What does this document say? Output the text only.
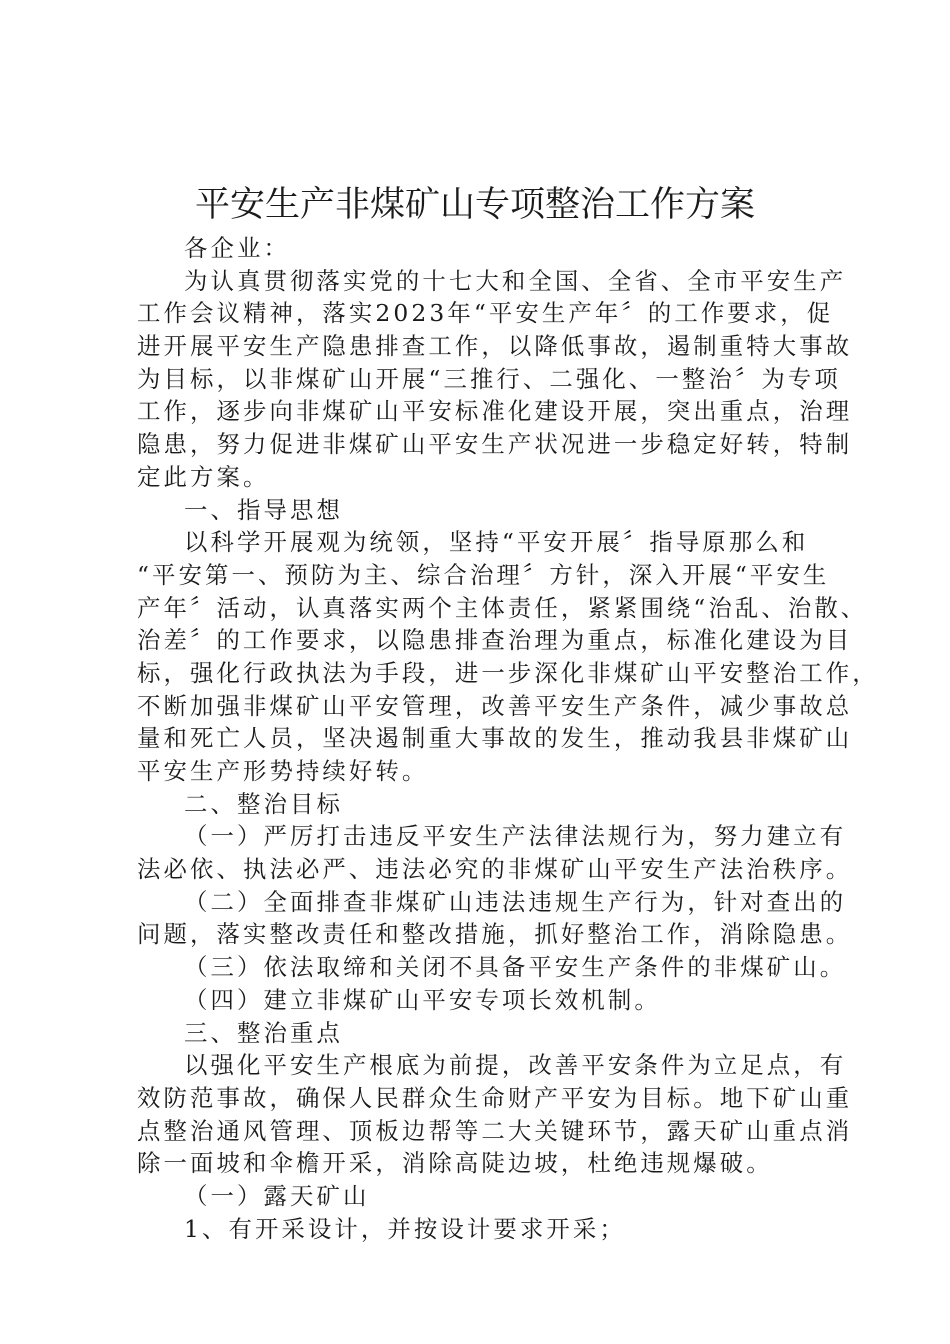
平安生产非煤矿山专项整治工作方案
各企业：
为认真贯彻落实党的十七大和全国、全省、全市平安生产
工作会议精神，落实2023年“平安生产年〞的工作要求，促
进开展平安生产隐患排查工作，以降低事故，遏制重特大事故
为目标，以非煤矿山开展“三推行、二强化、一整治〞为专项
工作，逐步向非煤矿山平安标准化建设开展，突出重点，治理
隐患，努力促进非煤矿山平安生产状况进一步稳定好转，特制
定此方案。
一、指导思想
以科学开展观为统领，坚持“平安开展〞指导原那么和
“平安第一、预防为主、综合治理〞方针，深入开展“平安生
产年〞活动，认真落实两个主体责任，紧紧围绕“治乱、治散、
治差〞的工作要求，以隐患排查治理为重点，标准化建设为目
标，强化行政执法为手段，进一步深化非煤矿山平安整治工作，
不断加强非煤矿山平安管理，改善平安生产条件，减少事故总
量和死亡人员，坚决遏制重大事故的发生，推动我县非煤矿山
平安生产形势持续好转。
二、整治目标
（一）严厉打击违反平安生产法律法规行为，努力建立有
法必依、执法必严、违法必究的非煤矿山平安生产法治秩序。
（二）全面排查非煤矿山违法违规生产行为，针对查出的
问题，落实整改责任和整改措施，抓好整治工作，消除隐患。
（三）依法取缔和关闭不具备平安生产条件的非煤矿山。
（四）建立非煤矿山平安专项长效机制。
三、整治重点
以强化平安生产根底为前提，改善平安条件为立足点，有
效防范事故，确保人民群众生命财产平安为目标。地下矿山重
点整治通风管理、顶板边帮等二大关键环节，露天矿山重点消
除一面坡和伞檐开采，消除高陡边坡，杜绝违规爆破。
（一）露天矿山
1、有开采设计，并按设计要求开采；
